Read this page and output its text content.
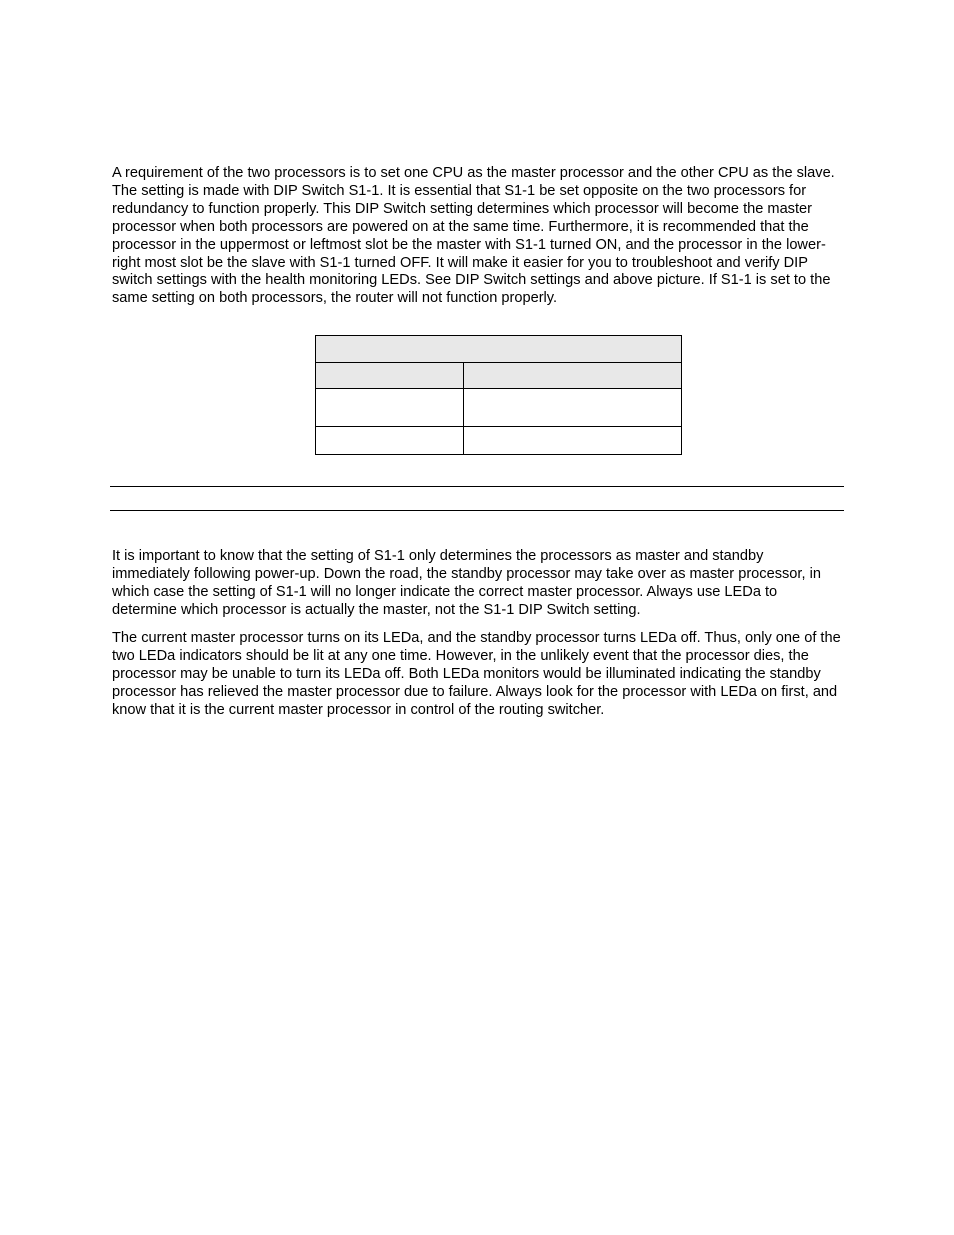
A requirement of the two processors is to set one CPU as the master processor and the other CPU as the slave. The setting is made with DIP Switch S1-1. It is essential that S1-1 be set opposite on the two processors for redundancy to function properly. This DIP Switch setting determines which processor will become the master processor when both processors are powered on at the same time. Furthermore, it is recommended that the processor in the uppermost or leftmost slot be the master with S1-1 turned ON, and the processor in the lower-right most slot be the slave with S1-1 turned OFF. It will make it easier for you to troubleshoot and verify DIP switch settings with the health monitoring LEDs. See DIP Switch settings and above picture. If S1-1 is set to the same setting on both processors, the router will not function properly.

It is important to know that the setting of S1-1 only determines the processors as master and standby immediately following power-up. Down the road, the standby processor may take over as master processor, in which case the setting of S1-1 will no longer indicate the correct master processor. Always use LEDa to determine which processor is actually the master, not the S1-1 DIP Switch setting.

The current master processor turns on its LEDa, and the standby processor turns LEDa off. Thus, only one of the two LEDa indicators should be lit at any one time. However, in the unlikely event that the processor dies, the processor may be unable to turn its LEDa off. Both LEDa monitors would be illuminated indicating the standby processor has relieved the master processor due to failure. Always look for the processor with LEDa on first, and know that it is the current master processor in control of the routing switcher.
